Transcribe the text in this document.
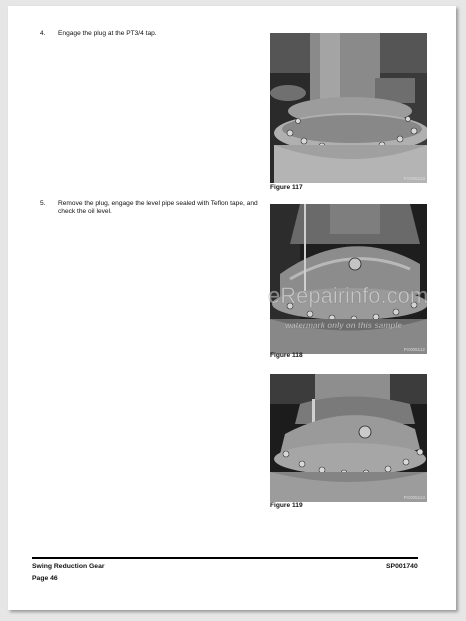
4. Engage the plug at the PT3/4 tap.
5. Remove the plug, engage the level pipe sealed with Teflon tape, and check the oil level.
FG005110
Figure 117
FG005112
Figure 118
eRepairinfo.com
watermark only on this sample
FG005113
Figure 119
Swing Reduction Gear
Page 46
SP001740
